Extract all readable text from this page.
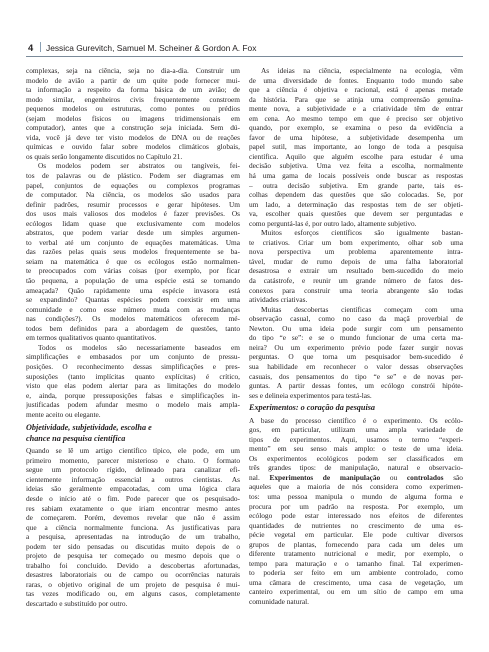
4 Jessica Gurevitch, Samuel M. Scheiner & Gordon A. Fox
complexas, seja na ciência, seja no dia-a-dia. Construir um
modelo de avião a partir de um quite pode fornecer mui-
ta informação a respeito da forma básica de um avião; de
modo similar, engenheiros civis frequentemente constroem
pequenos modelos ou estruturas, como pontes ou prédios
(sejam modelos físicos ou imagens tridimensionais em
computador), antes que a construção seja iniciada. Sem dú-
vida, você já deve ter visto modelos de DNA ou de reações
químicas e ouvido falar sobre modelos climáticos globais,
os quais serão longamente discutidos no Capítulo 21.
Os modelos podem ser abstratos ou tangíveis, fei-
tos de palavras ou de plástico. Podem ser diagramas em
papel, conjuntos de equações ou complexos programas
de computador. Na ciência, os modelos são usados para
definir padrões, resumir processos e gerar hipóteses. Um
dos usos mais valiosos dos modelos é fazer previsões. Os
ecólogos lidam quase que exclusivamente com modelos
abstratos, que podem variar desde um simples argumen-
to verbal até um conjunto de equações matemáticas. Uma
das razões pelas quais seus modelos frequentemente se ba-
seiam na matemática é que os ecólogos estão normalmen-
te preocupados com várias coisas (por exemplo, por ficar
tão pequena, a população de uma espécie está se tornando
ameaçada? Quão rapidamente uma espécie invasora está
se expandindo? Quantas espécies podem coexistir em uma
comunidade e como esse número muda com as mudanças
nas condições?). Os modelos matemáticos oferecem mé-
todos bem definidos para a abordagem de questões, tanto
em termos qualitativos quanto quantitativos.
Todos os modelos são necessariamente baseados em
simplificações e embasados por um conjunto de pressu-
posições. O reconhecimento dessas simplificações e pres-
suposições (tanto implícitas quanto explícitas) é crítico,
visto que elas podem alertar para as limitações do modelo
e, ainda, porque pressuposições falsas e simplificações in-
justificadas podem afundar mesmo o modelo mais ampla-
mente aceito ou elegante.
Objetividade, subjetividade, escolha e
chance na pesquisa científica
Quando se lê um artigo científico típico, ele pode, em um
primeiro momento, parecer misterioso e chato. O formato
segue um protocolo rígido, delineado para canalizar efi-
cientemente informação essencial a outros cientistas. As
ideias são geralmente empacotadas, com uma lógica clara
desde o início até o fim. Pode parecer que os pesquisado-
res sabiam exatamente o que iriam encontrar mesmo antes
de começarem. Porém, devemos revelar que não é assim
que a ciência normalmente funciona. As justificativas para
a pesquisa, apresentadas na introdução de um trabalho,
podem ter sido pensadas ou discutidas muito depois de o
projeto de pesquisa ter começado ou mesmo depois que o
trabalho foi concluído. Devido a descobertas afortunadas,
desastres laboratoriais ou de campo ou ocorrências naturais
raras, o objetivo original de um projeto de pesquisa é mui-
tas vezes modificado ou, em alguns casos, completamente
descartado e substituído por outro.
As ideias na ciência, especialmente na ecologia, vêm
de uma diversidade de fontes. Enquanto todo mundo sabe
que a ciência é objetiva e racional, está é apenas metade
da história. Para que se atinja uma compreensão genuína-
mente nova, a subjetividade e a criatividade têm de entrar
em cena. Ao mesmo tempo em que é preciso ser objetivo
quando, por exemplo, se examina o peso da evidência a
favor de uma hipótese, a subjetividade desempenha um
papel sutil, mas importante, ao longo de toda a pesquisa
científica. Aquilo que alguém escolhe para estudar é uma
decisão subjetiva. Uma vez feita a escolha, normalmente
há uma gama de locais possíveis onde buscar as respostas
– outra decisão subjetiva. Em grande parte, tais es-
colhas dependem das questões que são colocadas. Se, por
um lado, a determinação das respostas tem de ser objeti-
va, escolher quais questões que devem ser perguntadas e
como perguntá-las é, por outro lado, altamente subjetivo.
Muitos esforços científicos são igualmente bastan-
te criativos. Criar um bom experimento, olhar sob uma
nova perspectiva um problema aparentemente intra-
tável, mudar de rumo depois de uma falha laboratorial
desastrosa e extrair um resultado bem-sucedido do meio
da catástrofe, e reunir um grande número de fatos des-
conexos para construir uma teoria abrangente são todas
atividades criativas.
Muitas descobertas científicas começam com uma
observação casual, como no caso da maçã proverbial de
Newton. Ou uma ideia pode surgir com um pensamento
do tipo “e se”: e se o mundo funcionar de uma certa ma-
neira? Ou um experimento prévio pode fazer surgir novas
perguntas. O que torna um pesquisador bem-sucedido é
sua habilidade em reconhecer o valor dessas observações
casuais, dos pensamentos do tipo “e se” e de novas per-
guntas. A partir dessas fontes, um ecólogo constrói hipóte-
ses e delineia experimentos para testá-las.
Experimentos: o coração da pesquisa
A base do processo científico é o experimento. Os ecólo-
gos, em particular, utilizam uma ampla variedade de
tipos de experimentos. Aqui, usamos o termo “experi-
mento” em seu senso mais amplo: o teste de uma ideia.
Os experimentos ecológicos podem ser classificados em
três grandes tipos: de manipulação, natural e observacio-
nal. Experimentos de manipulação ou controlados são
aqueles que a maioria de nós considera como experimen-
tos: uma pessoa manipula o mundo de alguma forma e
procura por um padrão na resposta. Por exemplo, um
ecólogo pode estar interessado nos efeitos de diferentes
quantidades de nutrientes no crescimento de uma es-
pécie vegetal em particular. Ele pode cultivar diversos
grupos de plantas, fornecendo para cada um deles um
diferente tratamento nutricional e medir, por exemplo, o
tempo para maturação e o tamanho final. Tal experimen-
to poderia ser feito em um ambiente controlado, como
uma câmara de crescimento, uma casa de vegetação, um
canteiro experimental, ou em um sítio de campo em uma
comunidade natural.
